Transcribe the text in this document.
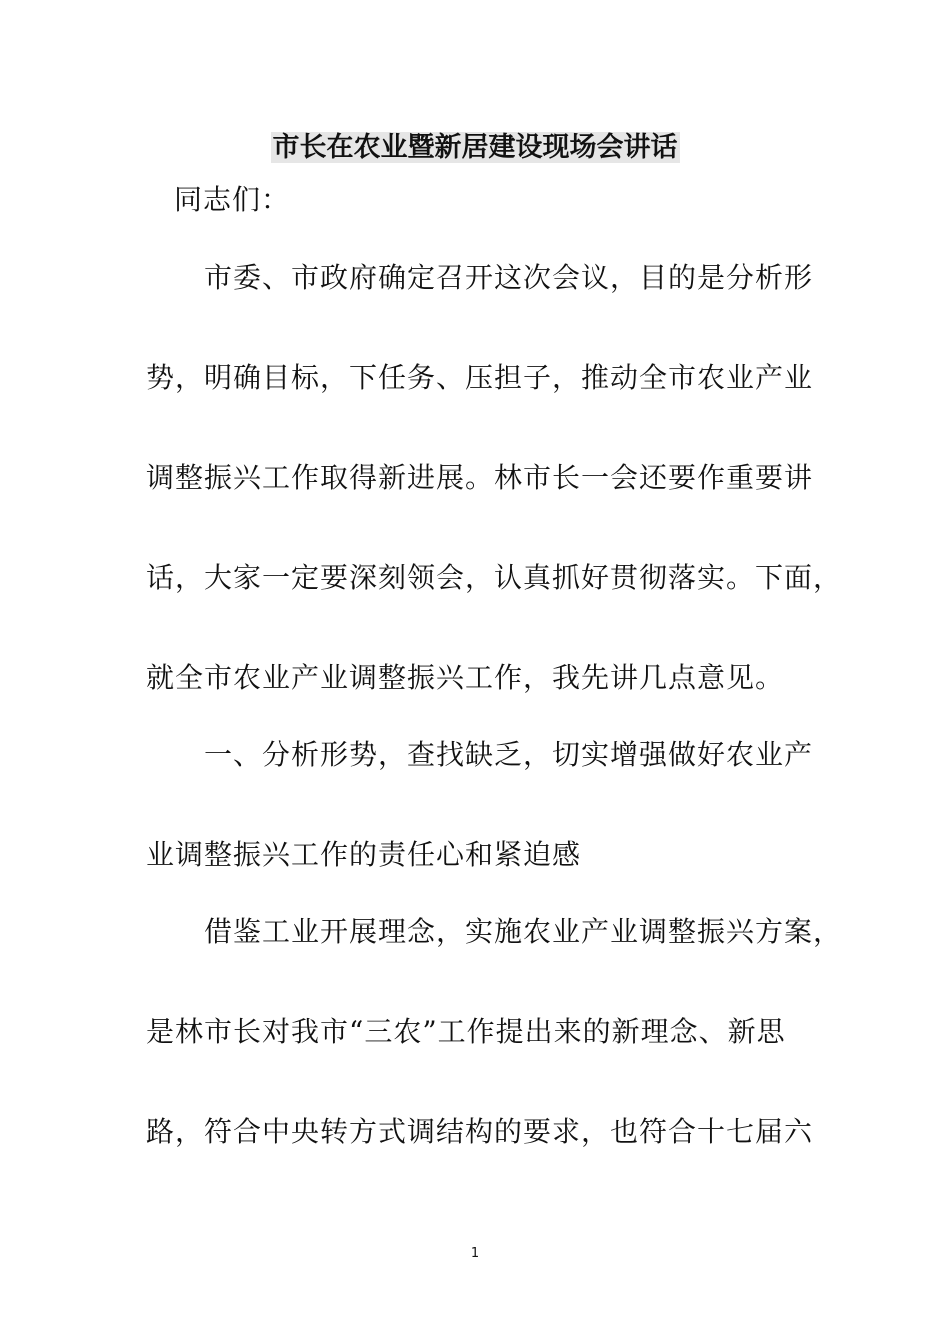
市长在农业暨新居建设现场会讲话
同志们：
市委、市政府确定召开这次会议，目的是分析形
势，明确目标，下任务、压担子，推动全市农业产业
调整振兴工作取得新进展。林市长一会还要作重要讲
话，大家一定要深刻领会，认真抓好贯彻落实。下面，
就全市农业产业调整振兴工作，我先讲几点意见。
一、分析形势，查找缺乏，切实增强做好农业产
业调整振兴工作的责任心和紧迫感
借鉴工业开展理念，实施农业产业调整振兴方案，
是林市长对我市“三农”工作提出来的新理念、新思
路，符合中央转方式调结构的要求，也符合十七届六
1
